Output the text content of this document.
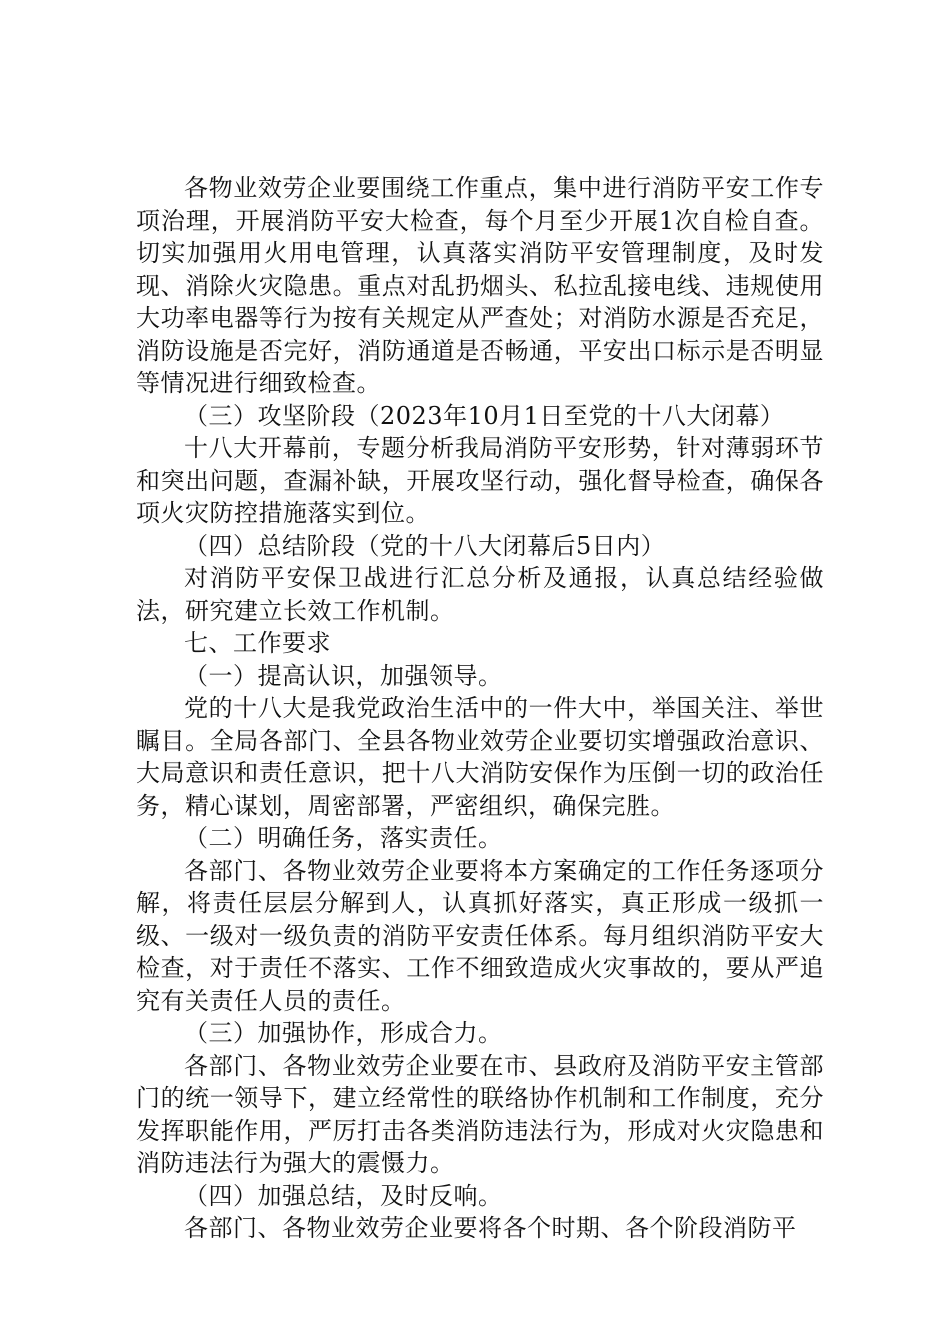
各物业效劳企业要围绕工作重点，集中进行消防平安工作专项治理，开展消防平安大检查，每个月至少开展1次自检自查。切实加强用火用电管理，认真落实消防平安管理制度，及时发现、消除火灾隐患。重点对乱扔烟头、私拉乱接电线、违规使用大功率电器等行为按有关规定从严查处；对消防水源是否充足，消防设施是否完好，消防通道是否畅通，平安出口标示是否明显等情况进行细致检查。

（三）攻坚阶段（2023年10月1日至党的十八大闭幕）

十八大开幕前，专题分析我局消防平安形势，针对薄弱环节和突出问题，查漏补缺，开展攻坚行动，强化督导检查，确保各项火灾防控措施落实到位。

（四）总结阶段（党的十八大闭幕后5日内）

对消防平安保卫战进行汇总分析及通报，认真总结经验做法，研究建立长效工作机制。

七、工作要求

（一）提高认识，加强领导。

党的十八大是我党政治生活中的一件大中，举国关注、举世瞩目。全局各部门、全县各物业效劳企业要切实增强政治意识、大局意识和责任意识，把十八大消防安保作为压倒一切的政治任务，精心谋划，周密部署，严密组织，确保完胜。

（二）明确任务，落实责任。

各部门、各物业效劳企业要将本方案确定的工作任务逐项分解，将责任层层分解到人，认真抓好落实，真正形成一级抓一级、一级对一级负责的消防平安责任体系。每月组织消防平安大检查，对于责任不落实、工作不细致造成火灾事故的，要从严追究有关责任人员的责任。

（三）加强协作，形成合力。

各部门、各物业效劳企业要在市、县政府及消防平安主管部门的统一领导下，建立经常性的联络协作机制和工作制度，充分发挥职能作用，严厉打击各类消防违法行为，形成对火灾隐患和消防违法行为强大的震慑力。

（四）加强总结，及时反响。

各部门、各物业效劳企业要将各个时期、各个阶段消防平
